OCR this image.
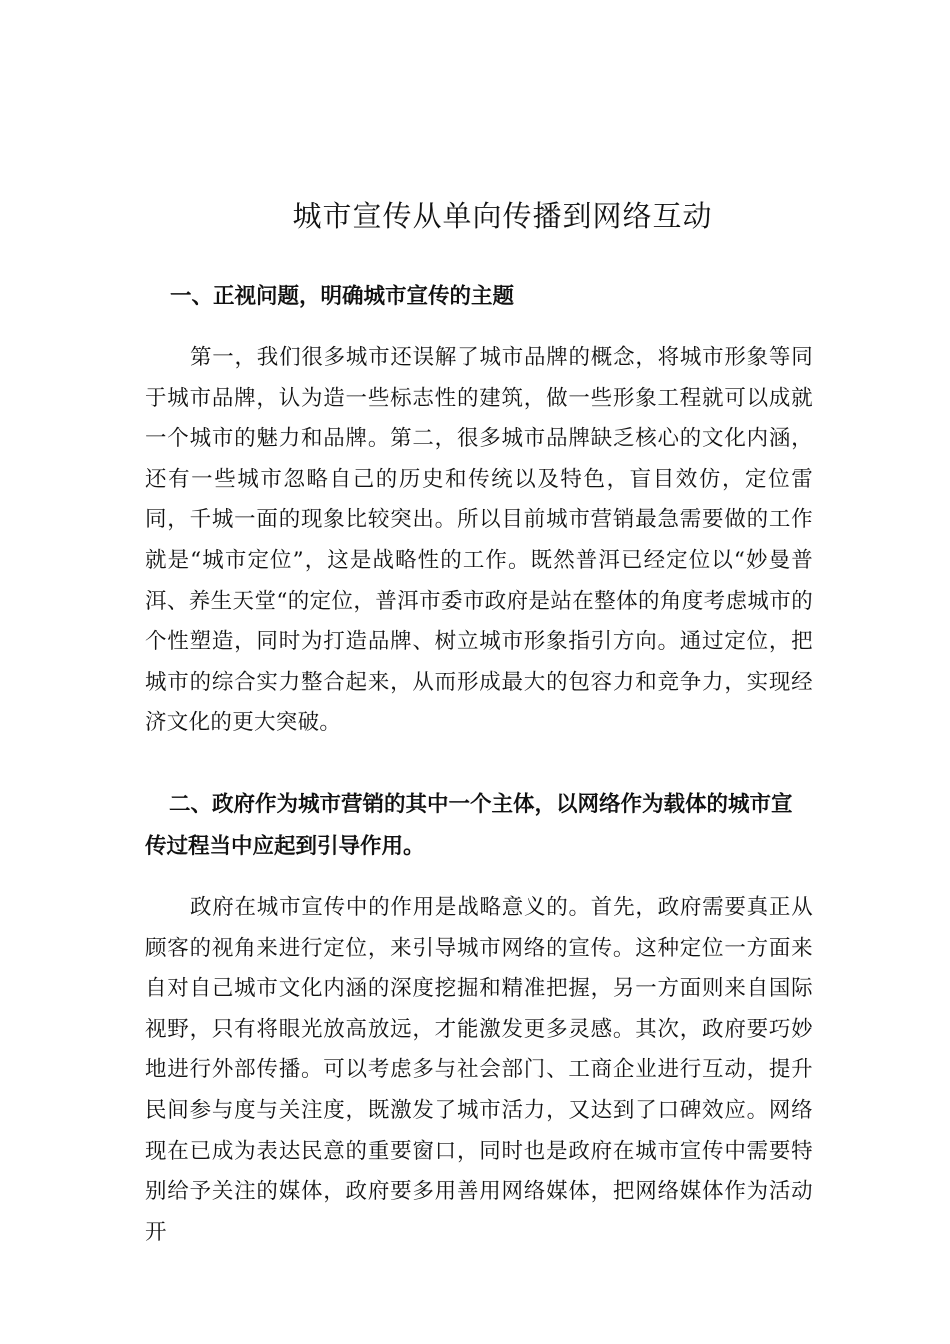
城市宣传从单向传播到网络互动
一、正视问题，明确城市宣传的主题

第一，我们很多城市还误解了城市品牌的概念，将城市形象等同于城市品牌，认为造一些标志性的建筑，做一些形象工程就可以成就一个城市的魅力和品牌。第二，很多城市品牌缺乏核心的文化内涵，还有一些城市忽略自己的历史和传统以及特色，盲目效仿，定位雷同，千城一面的现象比较突出。所以目前城市营销最急需要做的工作就是“城市定位”，这是战略性的工作。既然普洱已经定位以“妙曼普洱、养生天堂“的定位，普洱市委市政府是站在整体的角度考虑城市的个性塑造，同时为打造品牌、树立城市形象指引方向。通过定位，把城市的综合实力整合起来，从而形成最大的包容力和竞争力，实现经济文化的更大突破。

二、政府作为城市营销的其中一个主体，以网络作为载体的城市宣传过程当中应起到引导作用。

政府在城市宣传中的作用是战略意义的。首先，政府需要真正从顾客的视角来进行定位，来引导城市网络的宣传。这种定位一方面来自对自己城市文化内涵的深度挖掘和精准把握，另一方面则来自国际视野，只有将眼光放高放远，才能激发更多灵感。其次，政府要巧妙地进行外部传播。可以考虑多与社会部门、工商企业进行互动，提升民间参与度与关注度，既激发了城市活力，又达到了口碑效应。网络现在已成为表达民意的重要窗口，同时也是政府在城市宣传中需要特别给予关注的媒体，政府要多用善用网络媒体，把网络媒体作为活动开
